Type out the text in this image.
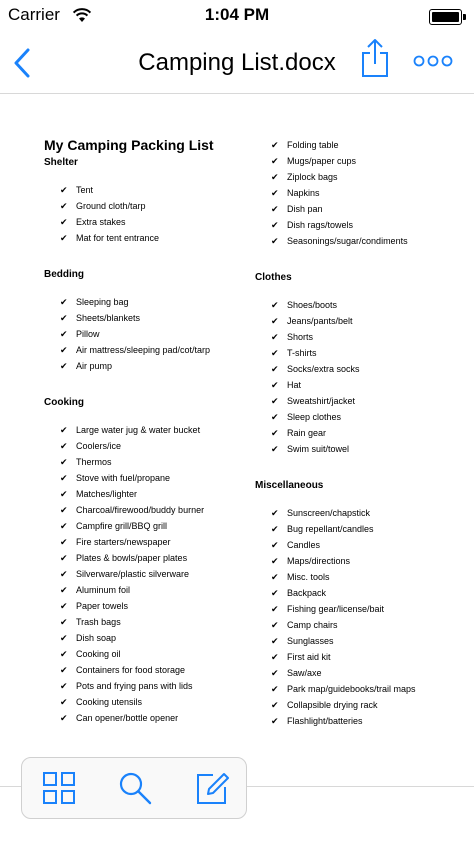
Carrier	1:04 PM
Camping List.docx
My Camping Packing List
Shelter
✔ Tent
✔ Ground cloth/tarp
✔ Extra stakes
✔ Mat for tent entrance
Bedding
✔ Sleeping bag
✔ Sheets/blankets
✔ Pillow
✔ Air mattress/sleeping pad/cot/tarp
✔ Air pump
Cooking
✔ Large water jug & water bucket
✔ Coolers/ice
✔ Thermos
✔ Stove with fuel/propane
✔ Matches/lighter
✔ Charcoal/firewood/buddy burner
✔ Campfire grill/BBQ grill
✔ Fire starters/newspaper
✔ Plates & bowls/paper plates
✔ Silverware/plastic silverware
✔ Aluminum foil
✔ Paper towels
✔ Trash bags
✔ Dish soap
✔ Cooking oil
✔ Containers for food storage
✔ Pots and frying pans with lids
✔ Cooking utensils
✔ Can opener/bottle opener
✔ Folding table
✔ Mugs/paper cups
✔ Ziplock bags
✔ Napkins
✔ Dish pan
✔ Dish rags/towels
✔ Seasonings/sugar/condiments
Clothes
✔ Shoes/boots
✔ Jeans/pants/belt
✔ Shorts
✔ T-shirts
✔ Socks/extra socks
✔ Hat
✔ Sweatshirt/jacket
✔ Sleep clothes
✔ Rain gear
✔ Swim suit/towel
Miscellaneous
✔ Sunscreen/chapstick
✔ Bug repellant/candles
✔ Candles
✔ Maps/directions
✔ Misc. tools
✔ Backpack
✔ Fishing gear/license/bait
✔ Camp chairs
✔ Sunglasses
✔ First aid kit
✔ Saw/axe
✔ Park map/guidebooks/trail maps
✔ Collapsible drying rack
✔ Flashlight/batteries
